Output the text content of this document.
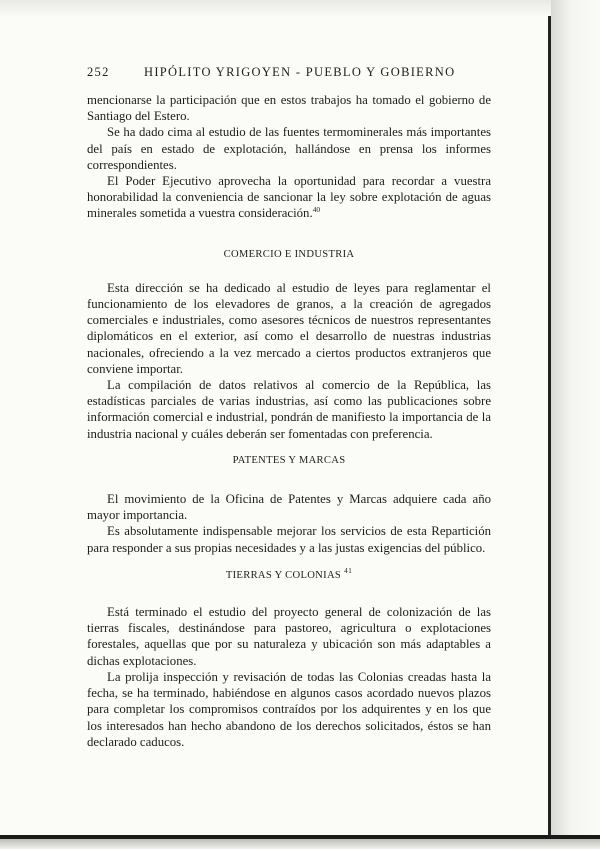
252	HIPÓLITO YRIGOYEN - PUEBLO Y GOBIERNO

mencionarse la participación que en estos trabajos ha tomado el gobierno de Santiago del Estero.

Se ha dado cima al estudio de las fuentes termominerales más importantes del país en estado de explotación, hallándose en prensa los informes correspondientes.

El Poder Ejecutivo aprovecha la oportunidad para recordar a vuestra honorabilidad la conveniencia de sancionar la ley sobre explotación de aguas minerales sometida a vuestra consideración.$^{40}$

COMERCIO E INDUSTRIA

Esta dirección se ha dedicado al estudio de leyes para reglamentar el funcionamiento de los elevadores de granos, a la creación de agregados comerciales e industriales, como asesores técnicos de nuestros representantes diplomáticos en el exterior, así como el desarrollo de nuestras industrias nacionales, ofreciendo a la vez mercado a ciertos productos extranjeros que conviene importar.

La compilación de datos relativos al comercio de la República, las estadísticas parciales de varias industrias, así como las publicaciones sobre información comercial e industrial, pondrán de manifiesto la importancia de la industria nacional y cuáles deberán ser fomentadas con preferencia.

PATENTES Y MARCAS

El movimiento de la Oficina de Patentes y Marcas adquiere cada año mayor importancia.

Es absolutamente indispensable mejorar los servicios de esta Repartición para responder a sus propias necesidades y a las justas exigencias del público.

TIERRAS Y COLONIAS $^{41}$

Está terminado el estudio del proyecto general de colonización de las tierras fiscales, destinándose para pastoreo, agricultura o explotaciones forestales, aquellas que por su naturaleza y ubicación son más adaptables a dichas explotaciones.

La prolija inspección y revisación de todas las Colonias creadas hasta la fecha, se ha terminado, habiéndose en algunos casos acordado nuevos plazos para completar los compromisos contraídos por los adquirentes y en los que los interesados han hecho abandono de los derechos solicitados, éstos se han declarado caducos.
